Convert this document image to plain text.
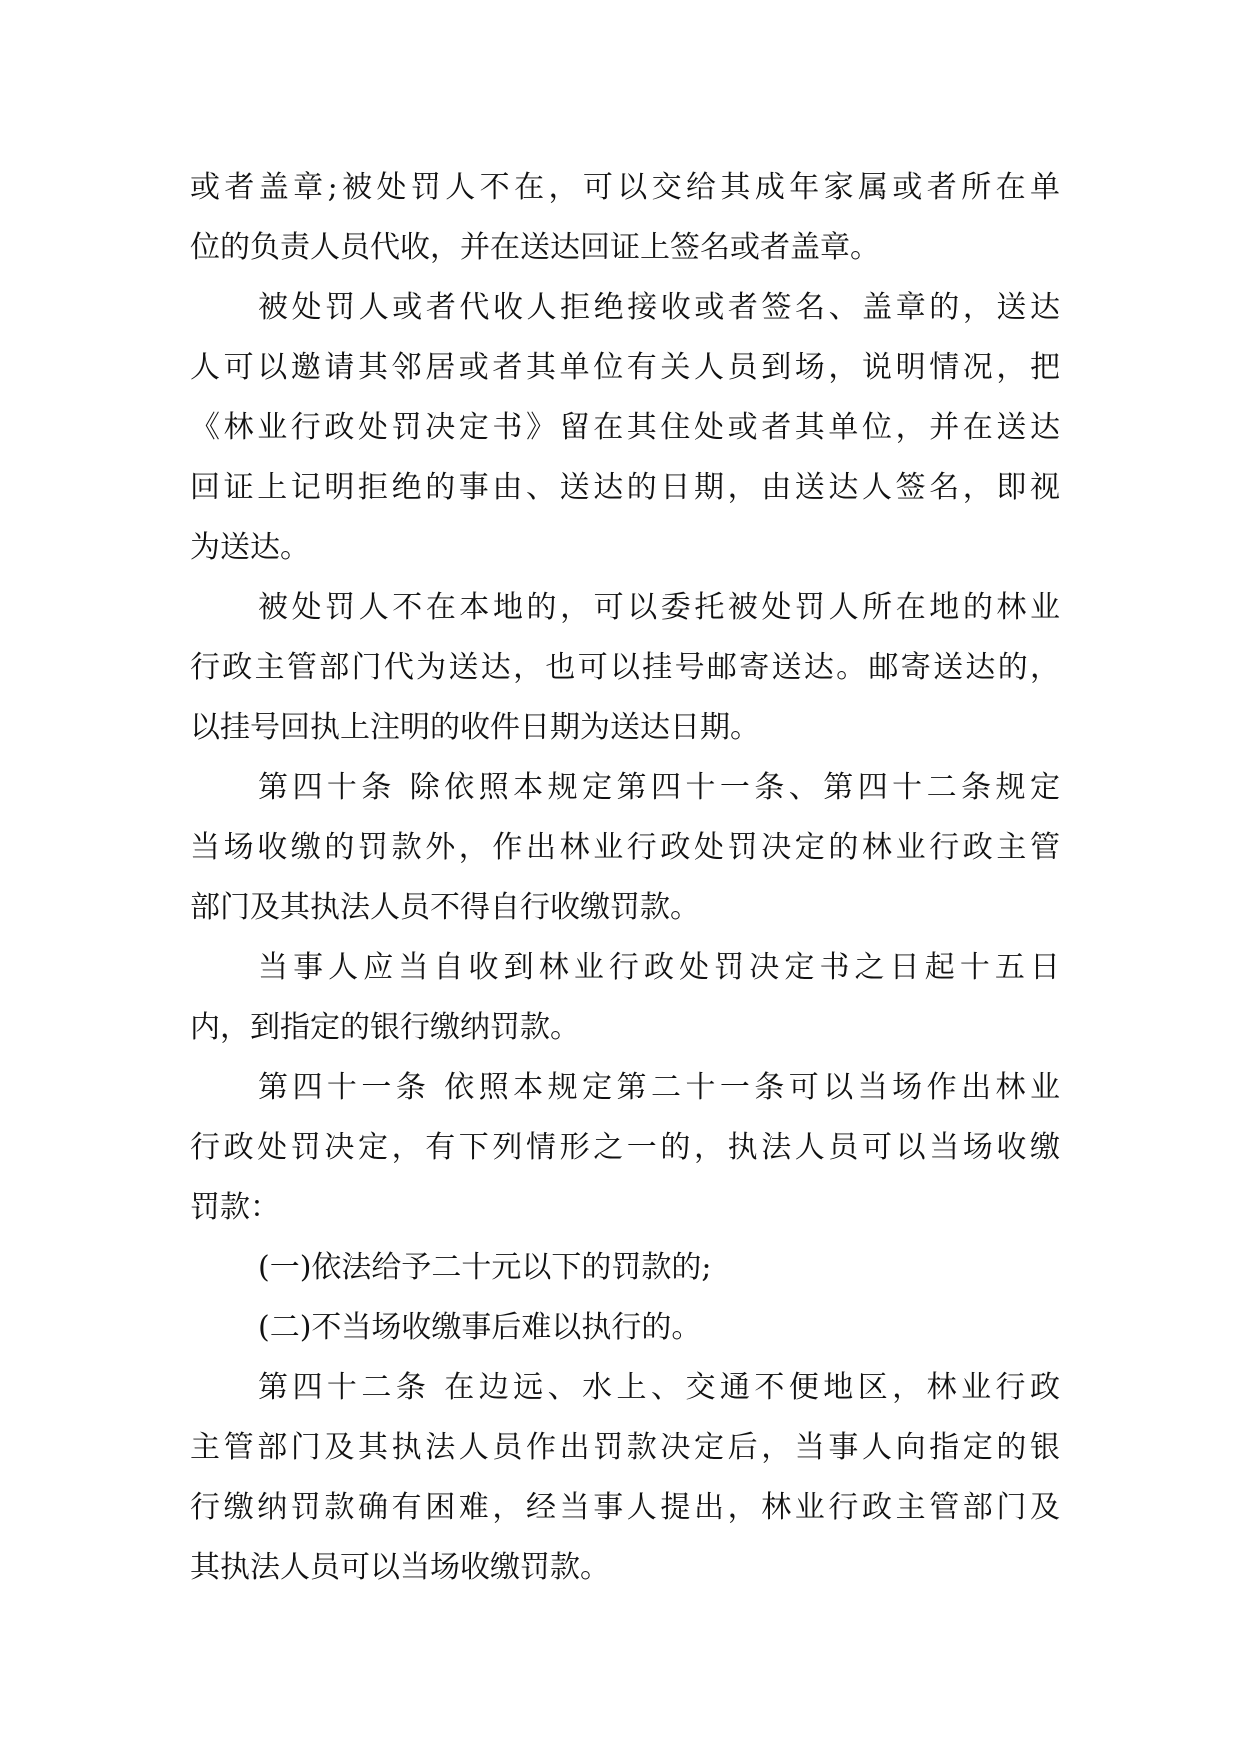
或者盖章;被处罚人不在，可以交给其成年家属或者所在单
位的负责人员代收，并在送达回证上签名或者盖章。
被处罚人或者代收人拒绝接收或者签名、盖章的，送达
人可以邀请其邻居或者其单位有关人员到场，说明情况，把
《林业行政处罚决定书》留在其住处或者其单位，并在送达
回证上记明拒绝的事由、送达的日期，由送达人签名，即视
为送达。
被处罚人不在本地的，可以委托被处罚人所在地的林业
行政主管部门代为送达，也可以挂号邮寄送达。邮寄送达的，
以挂号回执上注明的收件日期为送达日期。
第四十条 除依照本规定第四十一条、第四十二条规定
当场收缴的罚款外，作出林业行政处罚决定的林业行政主管
部门及其执法人员不得自行收缴罚款。
当事人应当自收到林业行政处罚决定书之日起十五日
内，到指定的银行缴纳罚款。
第四十一条 依照本规定第二十一条可以当场作出林业
行政处罚决定，有下列情形之一的，执法人员可以当场收缴
罚款：
(一)依法给予二十元以下的罚款的;
(二)不当场收缴事后难以执行的。
第四十二条 在边远、水上、交通不便地区，林业行政
主管部门及其执法人员作出罚款决定后，当事人向指定的银
行缴纳罚款确有困难，经当事人提出，林业行政主管部门及
其执法人员可以当场收缴罚款。
